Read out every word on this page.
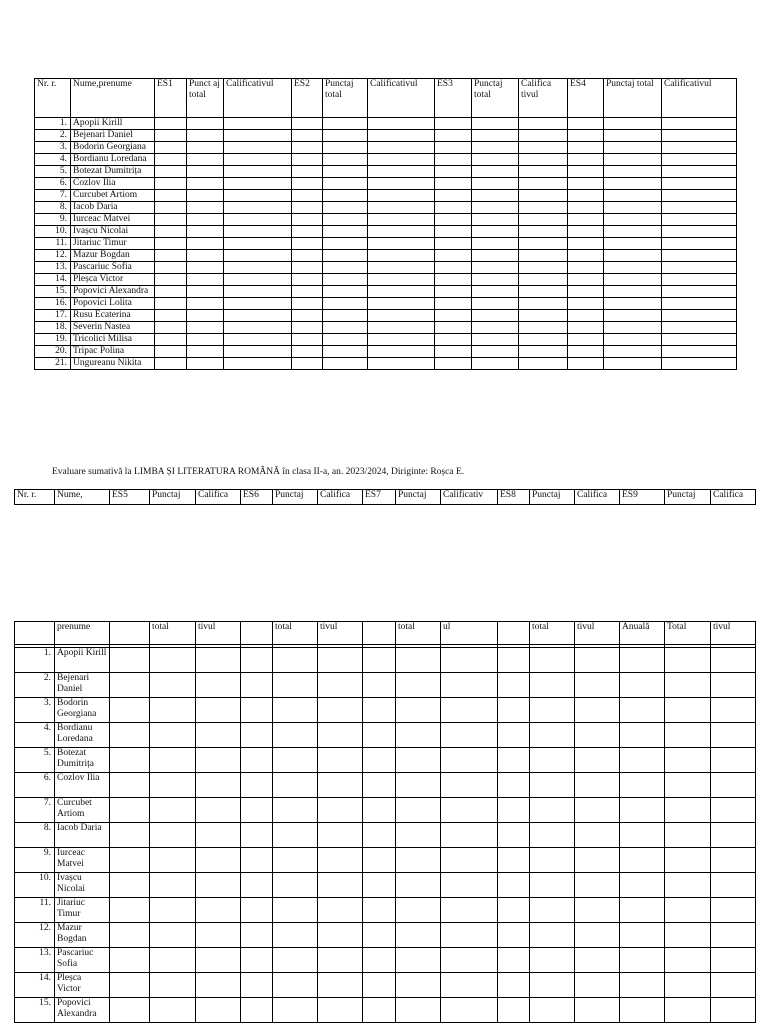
Nr. r.	Nume,prenume	ES1	Punct aj total	Calificativul	ES2	Punctaj total	Calificativul	ES3	Punctaj total	Califica tivul	ES4	Punctaj total	Calificativul
1.	Apopii Kirill												
2.	Bejenari Daniel												
3.	Bodorin Georgiana												
4.	Bordianu Loredana												
5.	Botezat Dumitrița												
6.	Cozlov Ilia												
7.	Curcubet Artiom												
8.	Iacob Daria												
9.	Iurceac Matvei												
10.	Ivașcu Nicolai												
11.	Jitariuc Timur												
12.	Mazur Bogdan												
13.	Pascariuc Sofia												
14.	Pleșca Victor												
15.	Popovici Alexandra												
16.	Popovici Lolita												
17.	Rusu Ecaterina												
18.	Severin Nastea												
19.	Tricolici Milisa												
20.	Tripac Polina												
21.	Ungureanu Nikita												
Evaluare sumativă la LIMBA ȘI LITERATURA ROMÂNĂ în clasa II-a, an. 2023/2024, Diriginte: Roșca E.
Nr. r.	Nume,	ES5	Punctaj	Califica	ES6	Punctaj	Califica	ES7	Punctaj	Calificativ	ES8	Punctaj	Califica	ES9	Punctaj	Califica
	prenume		total	tivul		total	tivul		total	ul		total	tivul	Anuală	Total	tivul

1.	Apopii Kirill															
2.	Bejenari Daniel															
3.	Bodorin Georgiana															
4.	Bordianu Loredana															
5.	Botezat Dumitrița															
6.	Cozlov Ilia															
7.	Curcubet Artiom															
8.	Iacob Daria															
9.	Iurceac Matvei															
10.	Ivașcu Nicolai															
11.	Jitariuc Timur															
12.	Mazur Bogdan															
13.	Pascariuc Sofia															
14.	Pleșca Victor															
15.	Popovici Alexandra															
